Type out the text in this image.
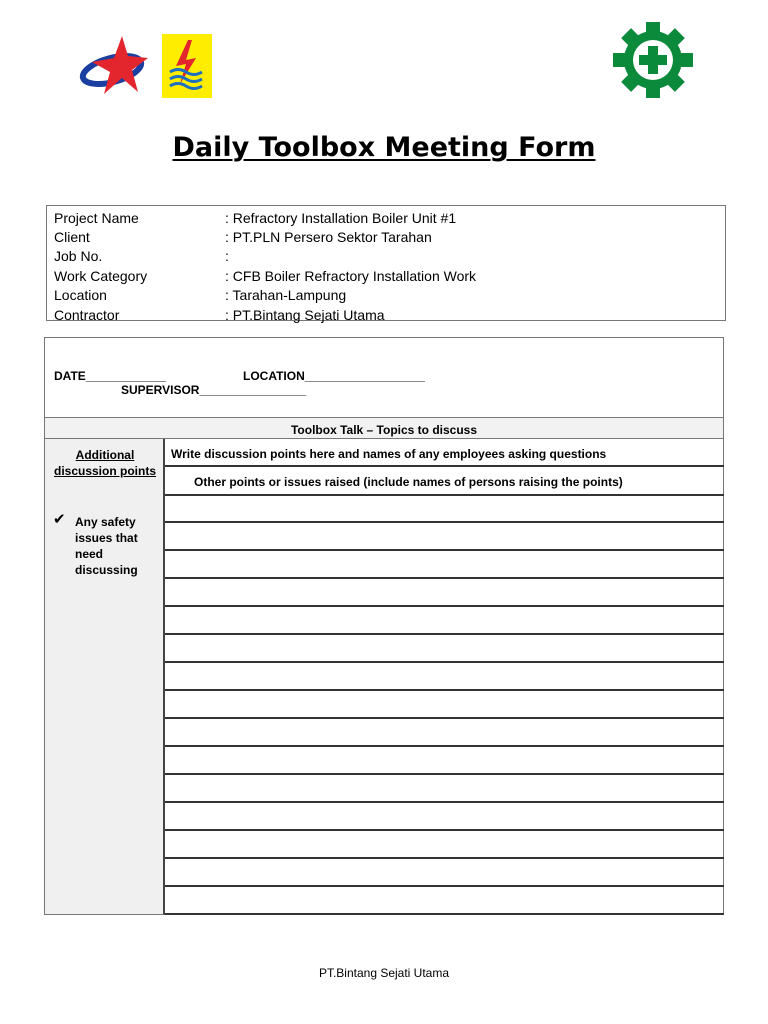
Daily Toolbox Meeting Form
Project Name	: Refractory Installation Boiler Unit #1
Client	: PT.PLN Persero Sektor Tarahan
Job No.	:
Work Category	: CFB Boiler Refractory Installation Work
Location	: Tarahan-Lampung
Contractor	: PT.Bintang Sejati Utama
DATE____________	LOCATION__________________
SUPERVISOR________________
Toolbox Talk – Topics to discuss
Additional discussion points
✔ Any safety issues that need discussing
Write discussion points here and names of any employees asking questions
Other points or issues raised (include names of persons raising the points)
PT.Bintang Sejati Utama
